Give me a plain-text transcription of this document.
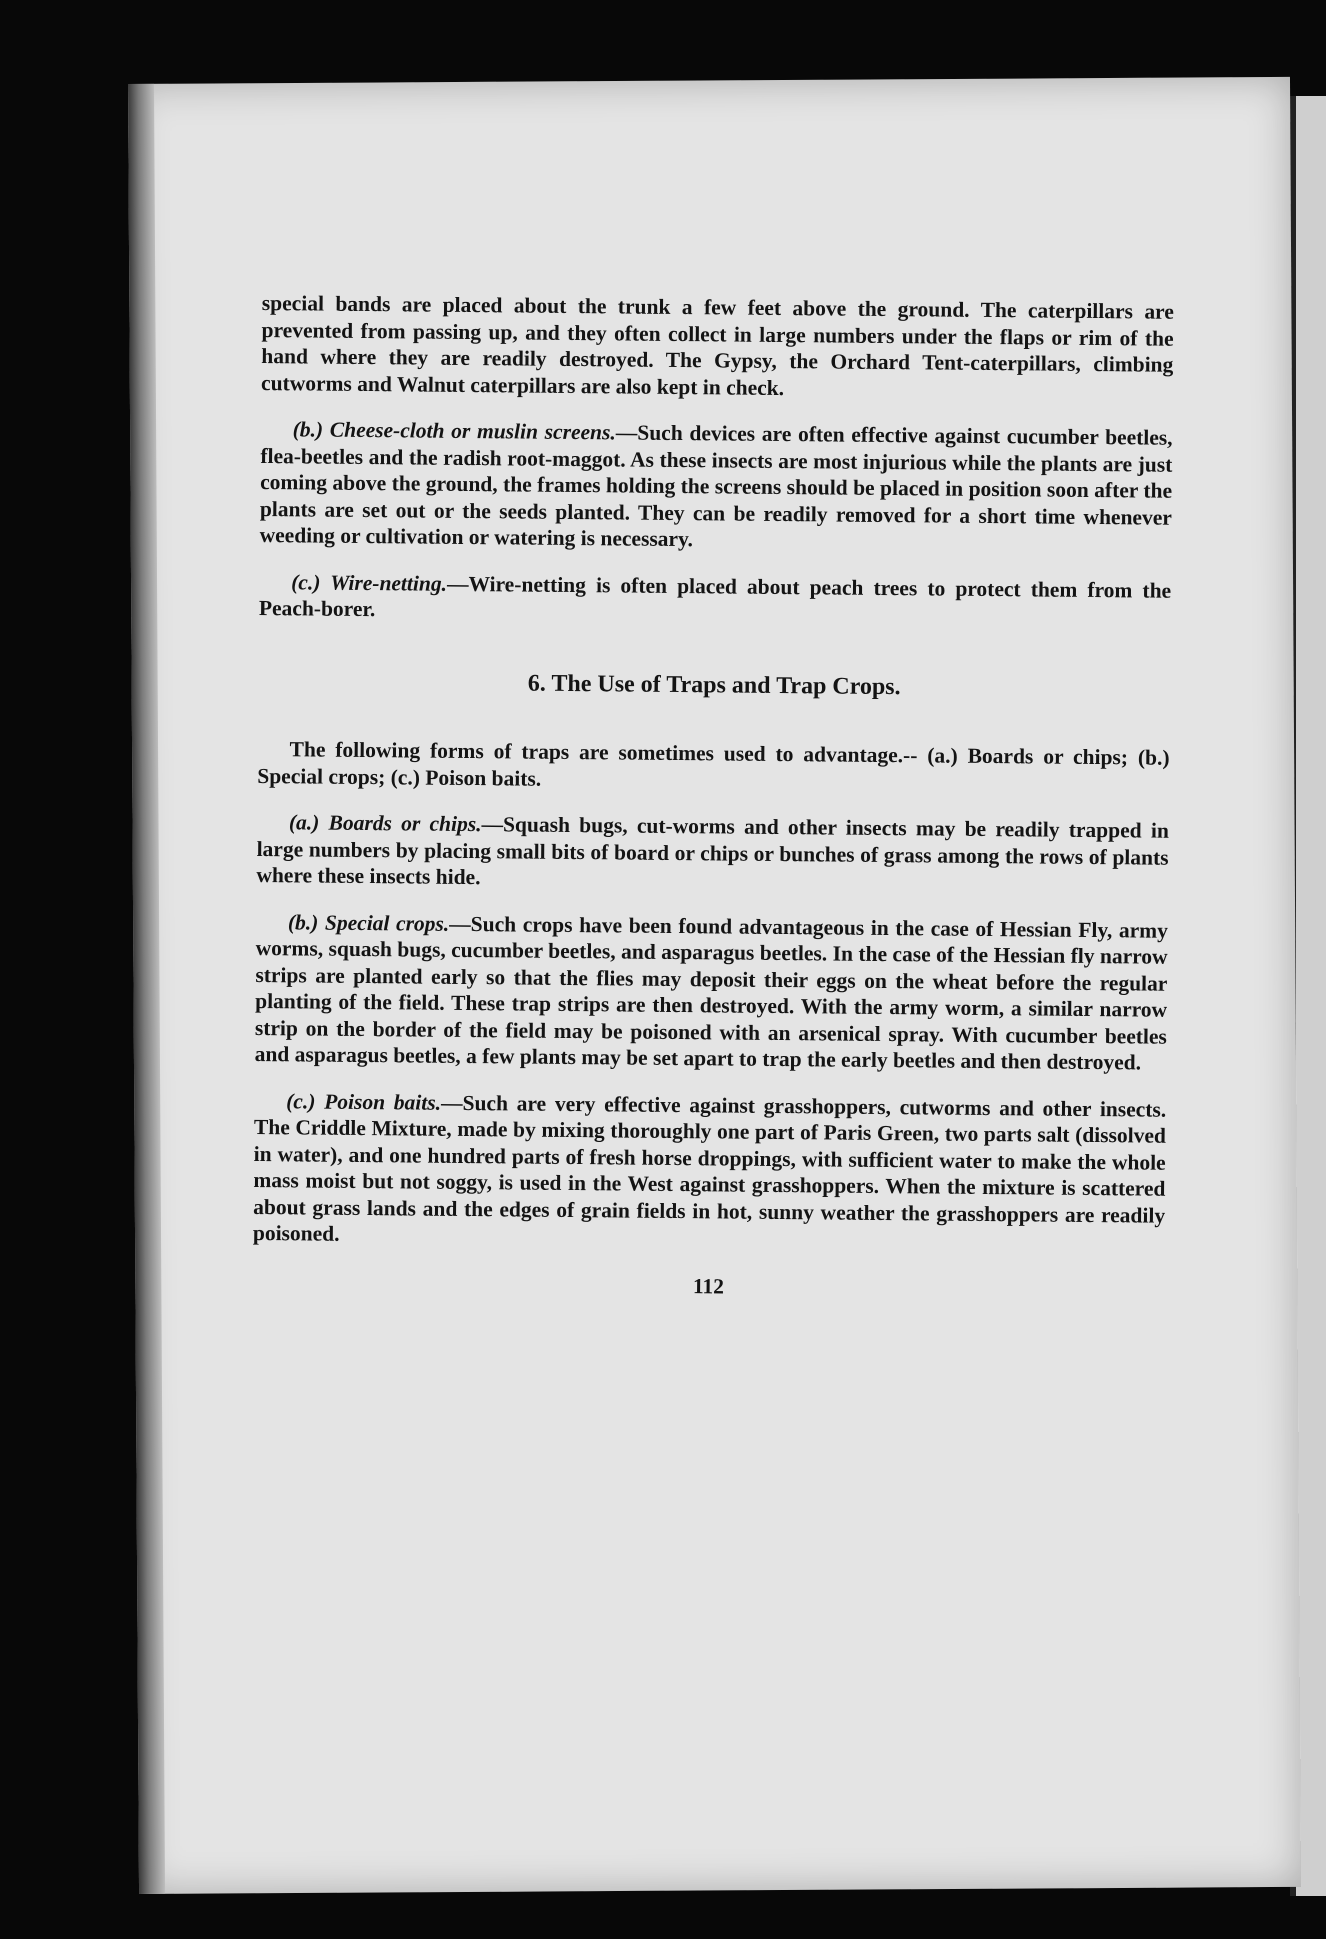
special bands are placed about the trunk a few feet above the ground. The caterpillars are prevented from passing up, and they often collect in large numbers under the flaps or rim of the hand where they are readily destroyed. The Gypsy, the Orchard Tent-caterpillars, climbing cutworms and Walnut caterpillars are also kept in check.

(b.) Cheese-cloth or muslin screens.—Such devices are often effective against cucumber beetles, flea-beetles and the radish root-maggot. As these insects are most injurious while the plants are just coming above the ground, the frames holding the screens should be placed in position soon after the plants are set out or the seeds planted. They can be readily removed for a short time whenever weeding or cultivation or watering is necessary.

(c.) Wire-netting.—Wire-netting is often placed about peach trees to protect them from the Peach-borer.

6. The Use of Traps and Trap Crops.

The following forms of traps are sometimes used to advantage.-- (a.) Boards or chips; (b.) Special crops; (c.) Poison baits.

(a.) Boards or chips.—Squash bugs, cut-worms and other insects may be readily trapped in large numbers by placing small bits of board or chips or bunches of grass among the rows of plants where these insects hide.

(b.) Special crops.—Such crops have been found advantageous in the case of Hessian Fly, army worms, squash bugs, cucumber beetles, and asparagus beetles. In the case of the Hessian fly narrow strips are planted early so that the flies may deposit their eggs on the wheat before the regular planting of the field. These trap strips are then destroyed. With the army worm, a similar narrow strip on the border of the field may be poisoned with an arsenical spray. With cucumber beetles and asparagus beetles, a few plants may be set apart to trap the early beetles and then destroyed.

(c.) Poison baits.—Such are very effective against grasshoppers, cutworms and other insects. The Criddle Mixture, made by mixing thoroughly one part of Paris Green, two parts salt (dissolved in water), and one hundred parts of fresh horse droppings, with sufficient water to make the whole mass moist but not soggy, is used in the West against grasshoppers. When the mixture is scattered about grass lands and the edges of grain fields in hot, sunny weather the grasshoppers are readily poisoned.

112
